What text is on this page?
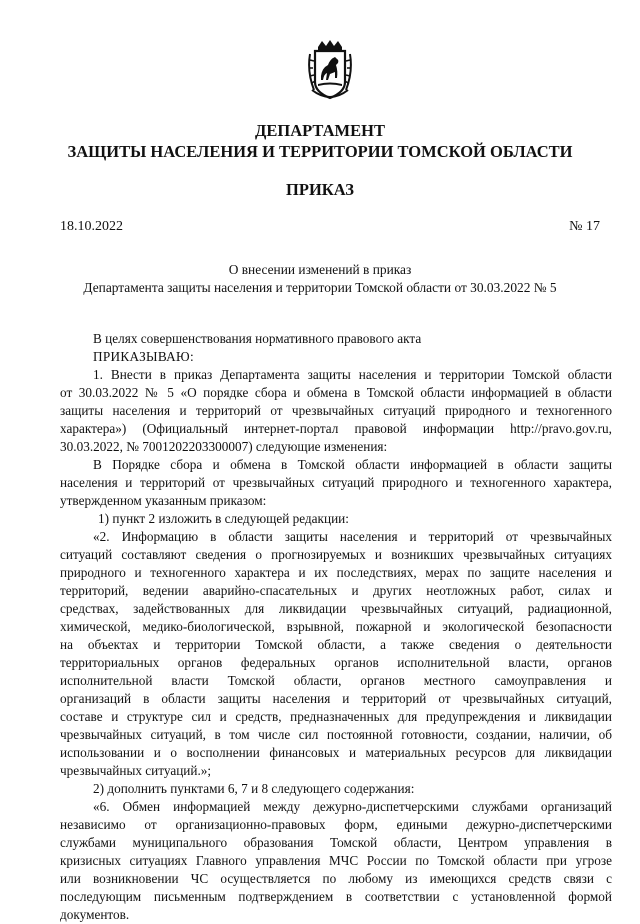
ДЕПАРТАМЕНТ
ЗАЩИТЫ НАСЕЛЕНИЯ И ТЕРРИТОРИИ ТОМСКОЙ ОБЛАСТИ
ПРИКАЗ
18.10.2022	№ 17
О внесении изменений в приказ
Департамента защиты населения и территории Томской области от 30.03.2022 № 5
В целях совершенствования нормативного правового акта
ПРИКАЗЫВАЮ:
1. Внести в приказ Департамента защиты населения и территории Томской области
от 30.03.2022 № 5 «О порядке сбора и обмена в Томской области информацией в области
защиты населения и территорий от чрезвычайных ситуаций природного и техногенного
характера») (Официальный интернет-портал правовой информации http://pravo.gov.ru,
30.03.2022, № 7001202203300007) следующие изменения:
В Порядке сбора и обмена в Томской области информацией в области защиты
населения и территорий от чрезвычайных ситуаций природного и техногенного характера,
утвержденном указанным приказом:
1) пункт 2 изложить в следующей редакции:
«2. Информацию в области защиты населения и территорий от чрезвычайных
ситуаций составляют сведения о прогнозируемых и возникших чрезвычайных ситуациях
природного и техногенного характера и их последствиях, мерах по защите населения и
территорий, ведении аварийно-спасательных и других неотложных работ, силах и
средствах, задействованных для ликвидации чрезвычайных ситуаций, радиационной,
химической, медико-биологической, взрывной, пожарной и экологической безопасности
на объектах и территории Томской области, а также сведения о деятельности
территориальных органов федеральных органов исполнительной власти, органов
исполнительной власти Томской области, органов местного самоуправления и
организаций в области защиты населения и территорий от чрезвычайных ситуаций,
составе и структуре сил и средств, предназначенных для предупреждения и ликвидации
чрезвычайных ситуаций, в том числе сил постоянной готовности, создании, наличии, об
использовании и о восполнении финансовых и материальных ресурсов для ликвидации
чрезвычайных ситуаций.»;
2) дополнить пунктами 6, 7 и 8 следующего содержания:
«6. Обмен информацией между дежурно-диспетчерскими службами организаций
независимо от организационно-правовых форм, едиными дежурно-диспетчерскими
службами муниципального образования Томской области, Центром управления в
кризисных ситуациях Главного управления МЧС России по Томской области при угрозе
или возникновении ЧС осуществляется по любому из имеющихся средств связи с
последующим письменным подтверждением в соответствии с установленной формой
документов.
